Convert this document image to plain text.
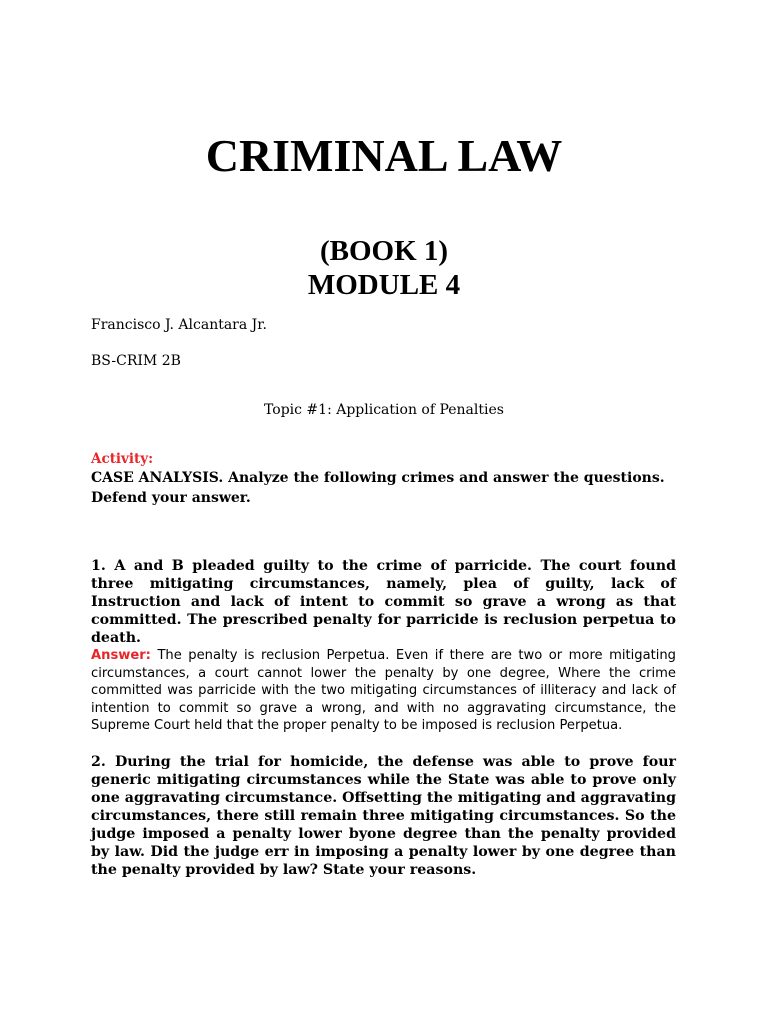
CRIMINAL LAW
(BOOK 1)
MODULE 4
Francisco J. Alcantara Jr.
BS-CRIM 2B
Topic #1: Application of Penalties
Activity:
CASE ANALYSIS. Analyze the following crimes and answer the questions. Defend your answer.
1. A and B pleaded guilty to the crime of parricide. The court found three mitigating circumstances, namely, plea of guilty, lack of Instruction and lack of intent to commit so grave a wrong as that committed. The prescribed penalty for parricide is reclusion perpetua to death.
Answer: The penalty is reclusion Perpetua. Even if there are two or more mitigating circumstances, a court cannot lower the penalty by one degree, Where the crime committed was parricide with the two mitigating circumstances of illiteracy and lack of intention to commit so grave a wrong, and with no aggravating circumstance, the Supreme Court held that the proper penalty to be imposed is reclusion Perpetua.
2. During the trial for homicide, the defense was able to prove four generic mitigating circumstances while the State was able to prove only one aggravating circumstance. Offsetting the mitigating and aggravating circumstances, there still remain three mitigating circumstances. So the judge imposed a penalty lower byone degree than the penalty provided by law. Did the judge err in imposing a penalty lower by one degree than the penalty provided by law? State your reasons.
